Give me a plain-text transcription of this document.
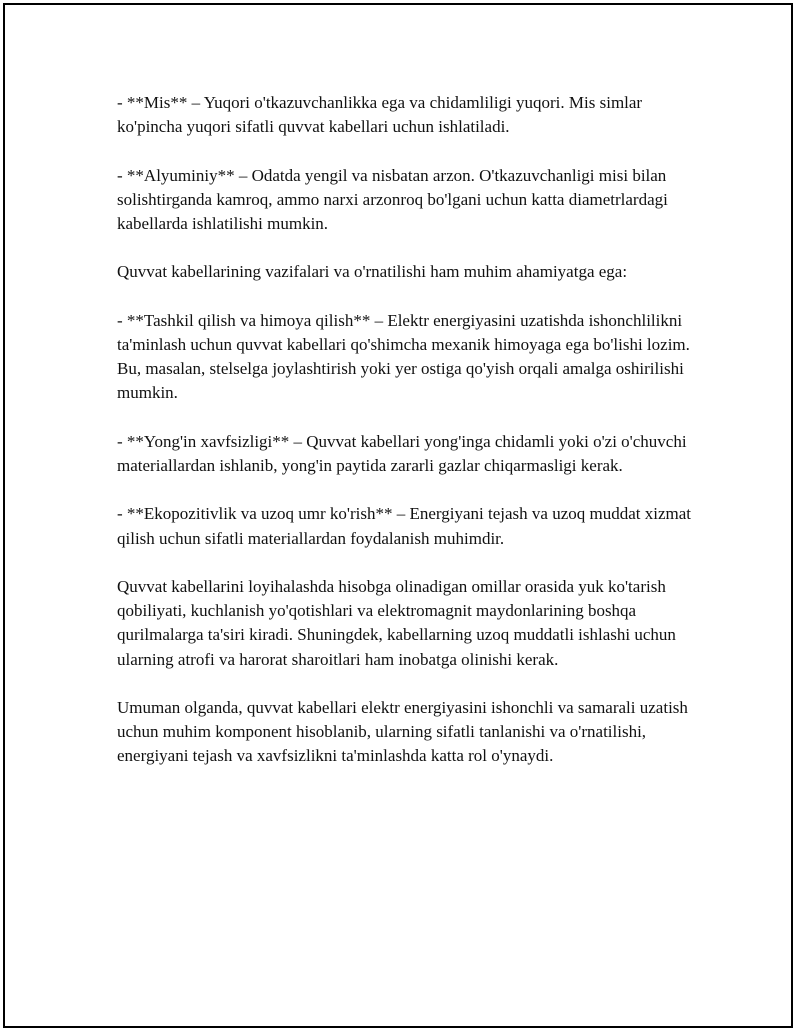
- **Mis** – Yuqori o'tkazuvchanlikka ega va chidamliligi yuqori. Mis simlar ko'pincha yuqori sifatli quvvat kabellari uchun ishlatiladi.

- **Alyuminiy** – Odatda yengil va nisbatan arzon. O'tkazuvchanligi misi bilan solishtirganda kamroq, ammo narxi arzonroq bo'lgani uchun katta diametrlardagi kabellarda ishlatilishi mumkin.

Quvvat kabellarining vazifalari va o'rnatilishi ham muhim ahamiyatga ega:

- **Tashkil qilish va himoya qilish** – Elektr energiyasini uzatishda ishonchlilikni ta'minlash uchun quvvat kabellari qo'shimcha mexanik himoyaga ega bo'lishi lozim. Bu, masalan, stelselga joylashtirish yoki yer ostiga qo'yish orqali amalga oshirilishi mumkin.

- **Yong'in xavfsizligi** – Quvvat kabellari yong'inga chidamli yoki o'zi o'chuvchi materiallardan ishlanib, yong'in paytida zararli gazlar chiqarmasligi kerak.

- **Ekopozitivlik va uzoq umr ko'rish** – Energiyani tejash va uzoq muddat xizmat qilish uchun sifatli materiallardan foydalanish muhimdir.

Quvvat kabellarini loyihalashda hisobga olinadigan omillar orasida yuk ko'tarish qobiliyati, kuchlanish yo'qotishlari va elektromagnit maydonlarining boshqa qurilmalarga ta'siri kiradi. Shuningdek, kabellarning uzoq muddatli ishlashi uchun ularning atrofi va harorat sharoitlari ham inobatga olinishi kerak.

Umuman olganda, quvvat kabellari elektr energiyasini ishonchli va samarali uzatish uchun muhim komponent hisoblanib, ularning sifatli tanlanishi va o'rnatilishi, energiyani tejash va xavfsizlikni ta'minlashda katta rol o'ynaydi.
